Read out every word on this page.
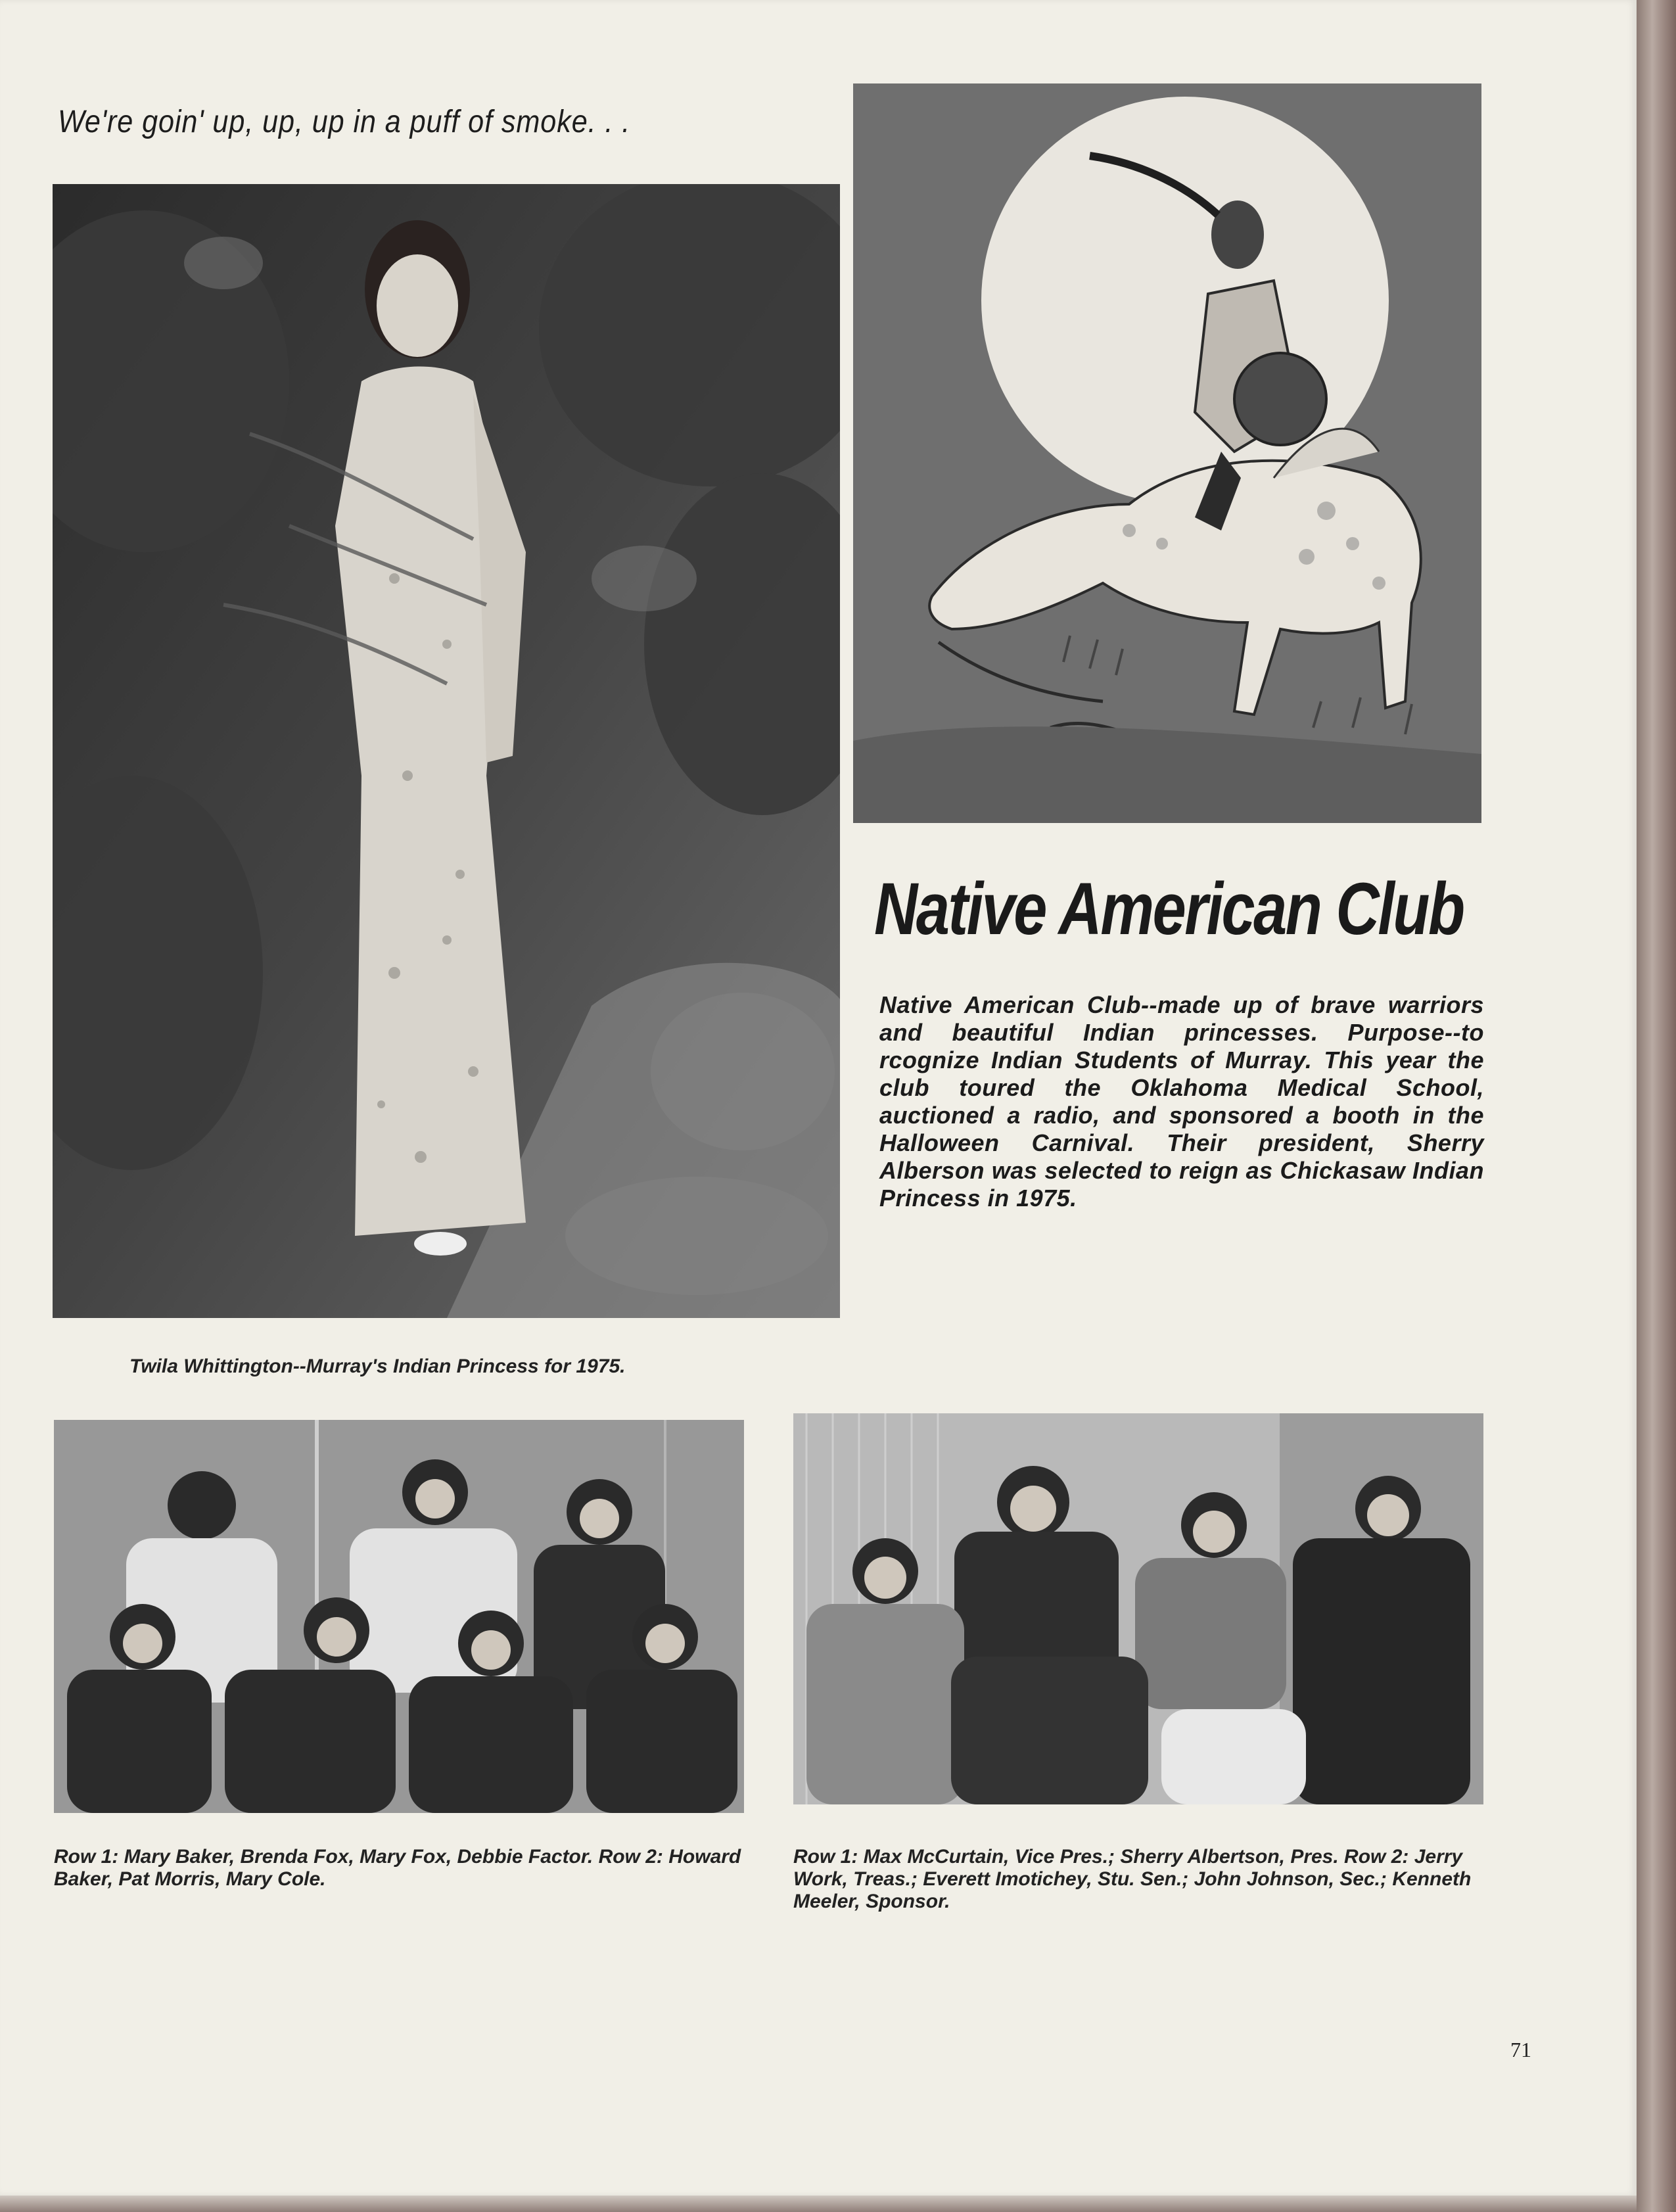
We're goin' up, up, up in a puff of smoke. . .
Native American Club
Native American Club--made up of brave warriors and beautiful Indian princesses. Purpose--to rcognize Indian Students of Murray. This year the club toured the Oklahoma Medical School, auctioned a radio, and sponsored a booth in the Halloween Carnival. Their president, Sherry Alberson was selected to reign as Chickasaw Indian Princess in 1975.
Twila Whittington--Murray's Indian Princess for 1975.
Row 1: Mary Baker, Brenda Fox, Mary Fox, Debbie Factor. Row 2: Howard Baker, Pat Morris, Mary Cole.
Row 1: Max McCurtain, Vice Pres.; Sherry Albertson, Pres. Row 2: Jerry Work, Treas.; Everett Imotichey, Stu. Sen.; John Johnson, Sec.; Kenneth Meeler, Sponsor.
71
